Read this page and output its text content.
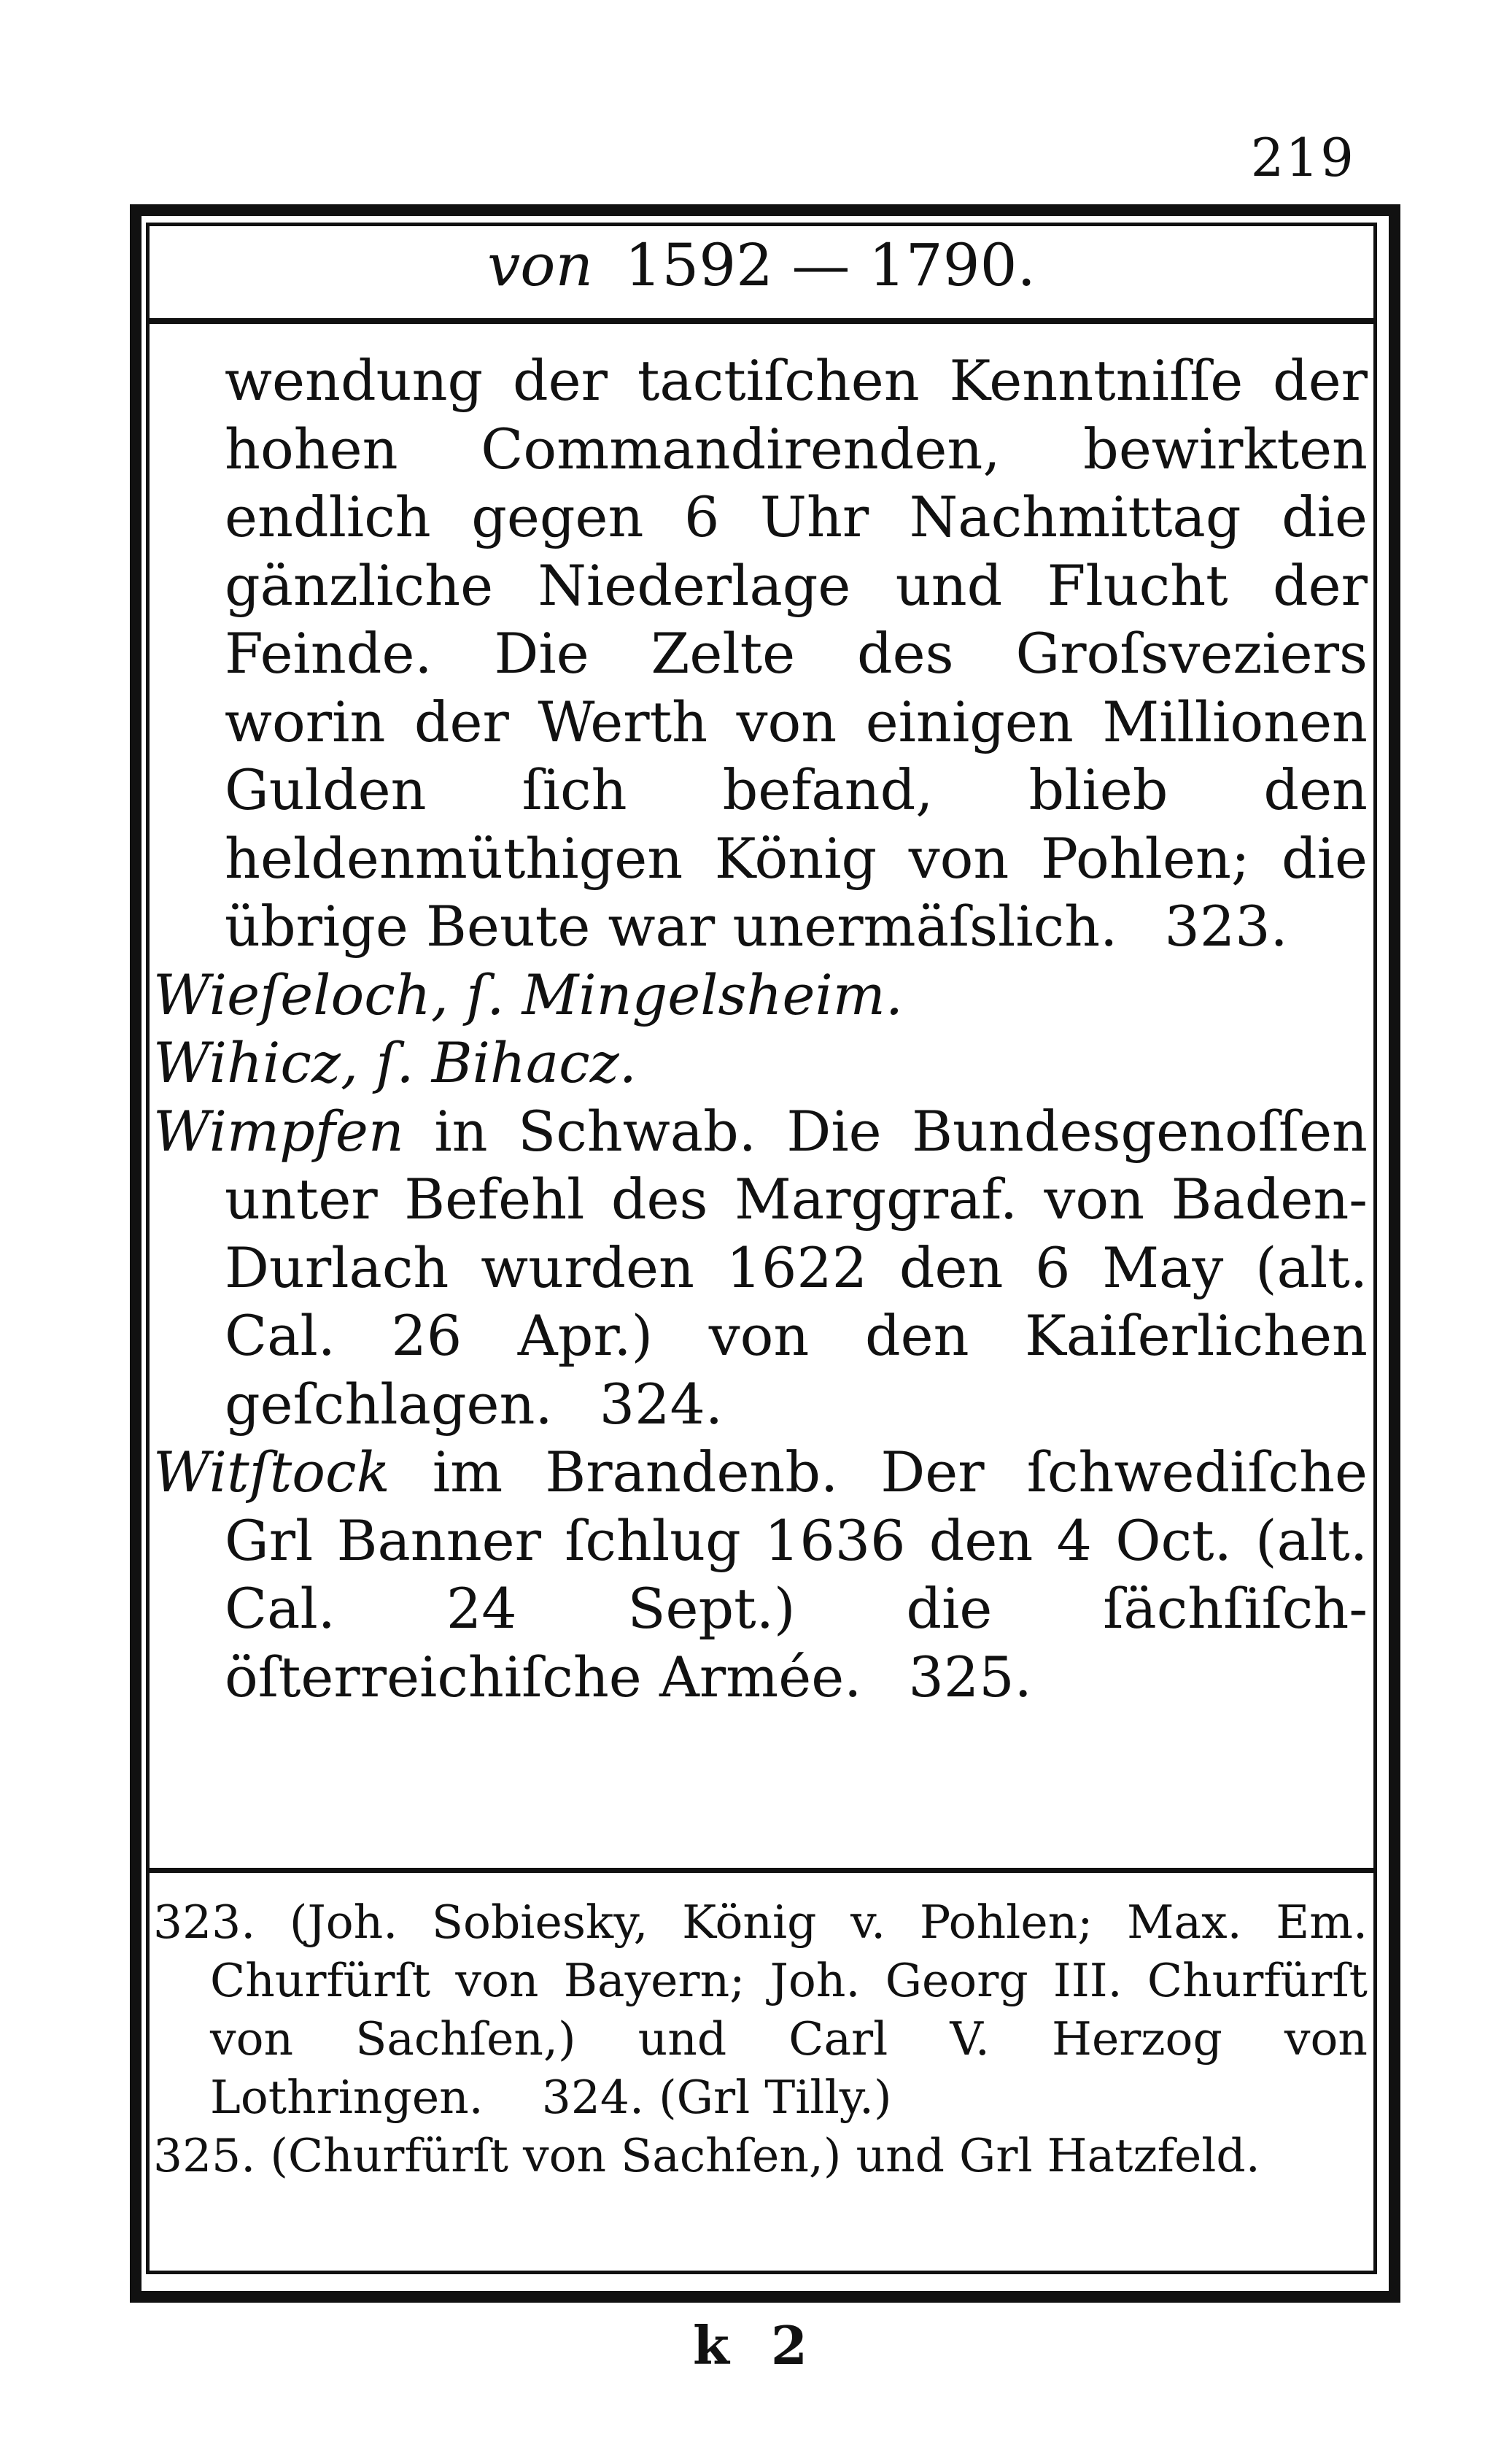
219
von 1592 — 1790.

wendung der tactiſchen Kenntniſſe der hohen Commandirenden, bewirkten endlich gegen 6 Uhr Nachmittag die gänzliche Niederlage und Flucht der Feinde. Die Zelte des Groſsveziers worin der Werth von einigen Millionen Gulden ſich befand, blieb den heldenmüthigen König von Pohlen; die übrige Beute war unermäſslich. 323.

Wieſeloch, ſ. Mingelsheim.

Wihicz, ſ. Bihacz.

Wimpfen in Schwab. Die Bundesgenoſſen unter Befehl des Marggraf. von Baden-Durlach wurden 1622 den 6 May (alt. Cal. 26 Apr.) von den Kaiſerlichen geſchlagen. 324.

Witſtock im Brandenb. Der ſchwediſche Grl Banner ſchlug 1636 den 4 Oct. (alt. Cal. 24 Sept.) die ſächſiſch-öſterreichiſche Armée. 325.

323. (Joh. Sobiesky, König v. Pohlen; Max. Em. Churfürſt von Bayern; Joh. Georg III. Churfürſt von Sachſen,) und Carl V. Herzog von Lothringen. 324. (Grl Tilly.)

325. (Churfürſt von Sachſen,) und Grl Hatzfeld.

k 2
